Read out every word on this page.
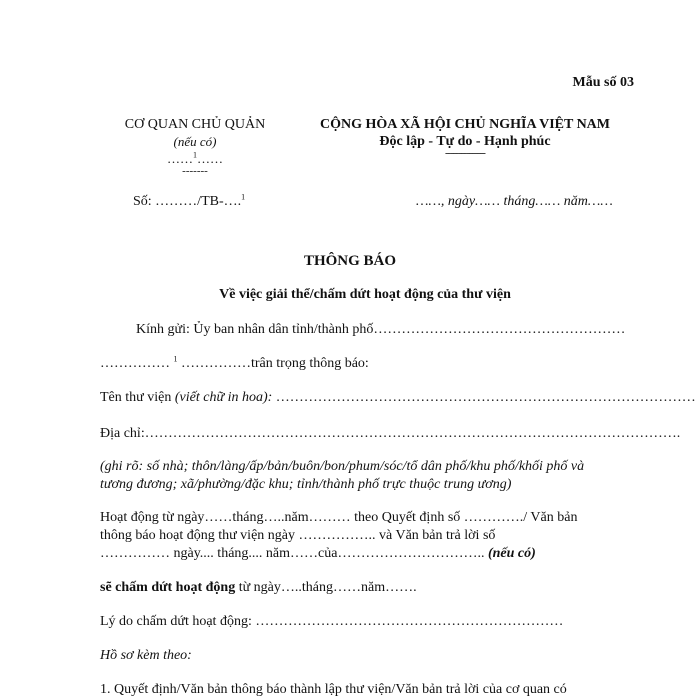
Mẫu số 03
CƠ QUAN CHỦ QUẢN
(nếu có)
……$^1$……
-------
CỘNG HÒA XÃ HỘI CHỦ NGHĨA VIỆT NAM
Độc lập - Tự do - Hạnh phúc
---------------
Số: ………/TB-….$^1$	……, ngày…… tháng…… năm……
THÔNG BÁO
Về việc giải thể/chấm dứt hoạt động của thư viện
Kính gửi: Ủy ban nhân dân tỉnh/thành phố………………………………………………
…………… $^1$ ……………trân trọng thông báo:
Tên thư viện (viết chữ in hoa): ………………………………………………………………………………
Địa chỉ:…………………………………………………………………………………………………….
(ghi rõ: số nhà; thôn/làng/ấp/bản/buôn/bon/phum/sóc/tổ dân phố/khu phố/khối phố và
tương đương; xã/phường/đặc khu; tỉnh/thành phố trực thuộc trung ương)
Hoạt động từ ngày……tháng…..năm……… theo Quyết định số …………./ Văn bản
thông báo hoạt động thư viện ngày …………….. và Văn bản trả lời số
…………… ngày.... tháng.... năm……của………………………….. (nếu có)
sẽ chấm dứt hoạt động từ ngày…..tháng……năm…….
Lý do chấm dứt hoạt động: …………………………………………………………
Hồ sơ kèm theo:
1. Quyết định/Văn bản thông báo thành lập thư viện/Văn bản trả lời của cơ quan có
